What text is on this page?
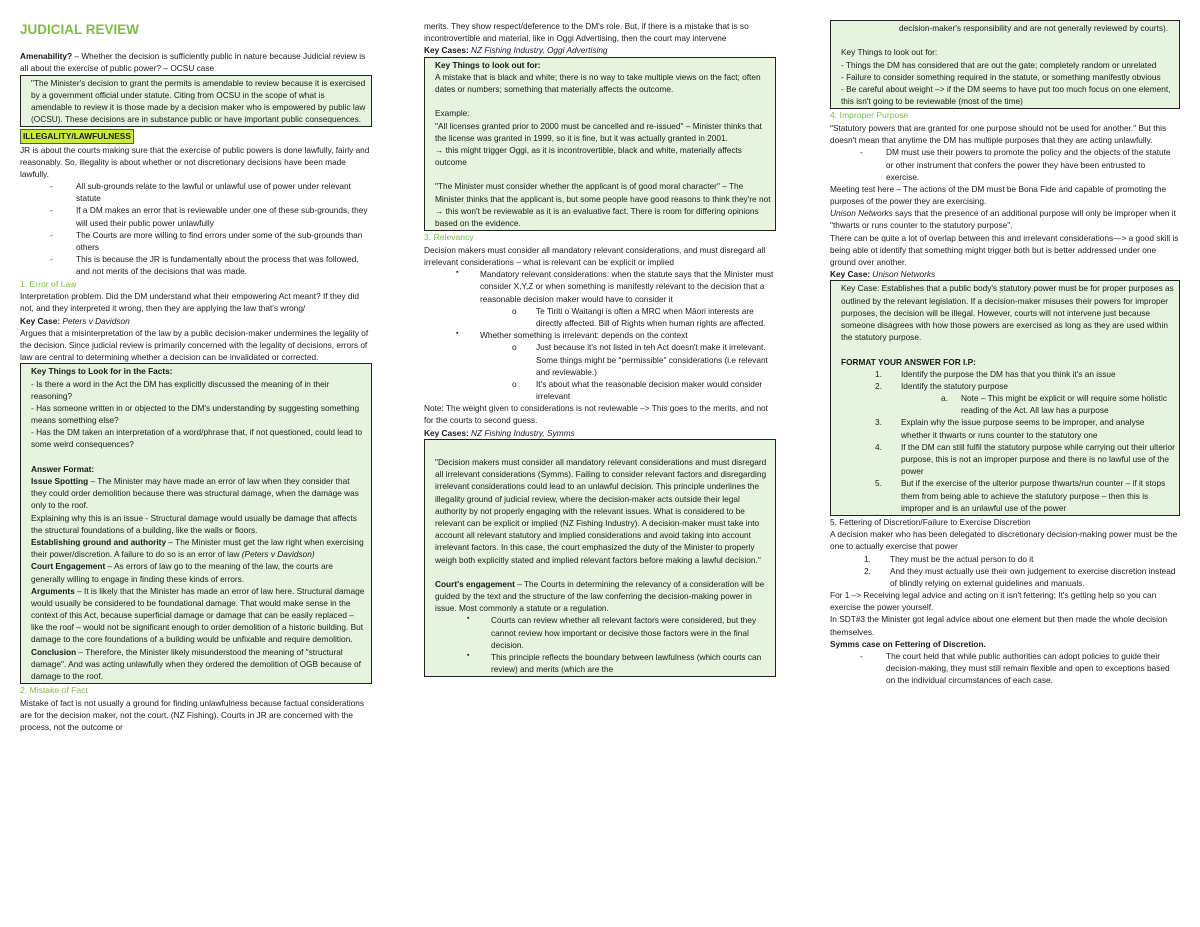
JUDICIAL REVIEW

Amenability? – Whether the decision is sufficiently public in nature because Judicial review is all about the exercise of public power? – OCSU case

"The Minister's decision to grant the permits is amendable to review because it is exercised by a government official under statute. Citing from OCSU in the scope of what is amendable to review it is those made by a decision maker who is empowered by public law (OCSU). These decisions are in substance public or have important public consequences.

ILLEGALITY/LAWFULNESS

JR is about the courts making sure that the exercise of public powers is done lawfully, fairly and reasonably. So, illegality is about whether or not discretionary decisions have been made lawfully.

- All sub-grounds relate to the lawful or unlawful use of power under relevant statute
- If a DM makes an error that is reviewable under one of these sub-grounds, they will used their public power unlawfully
- The Courts are more willing to find errors under some of the sub-grounds than others
- This is because the JR is fundamentally about the process that was followed, and not merits of the decisions that was made.

1. Error of Law

Interpretation problem. Did the DM understand what their empowering Act meant? If they did not, and they interpreted it wrong, then they are applying the law that's wrong/

Key Case: Peters v Davidson

Argues that a misinterpretation of the law by a public decision-maker undermines the legality of the decision. Since judicial review is primarily concerned with the legality of decisions, errors of law are central to determining whether a decision can be invalidated or corrected.

Key Things to Look for in the Facts:

- Is there a word in the Act the DM has explicitly discussed the meaning of in their reasoning?

- Has someone written in or objected to the DM's understanding by suggesting something means something else?

- Has the DM taken an interpretation of a word/phrase that, if not questioned, could lead to some weird consequences?

Answer Format:

Issue Spotting – The Minister may have made an error of law when they consider that they could order demolition because there was structural damage, when the damage was only to the roof.

Explaining why this is an issue - Structural damage would usually be damage that affects the structural foundations of a building, like the walls or floors.

Establishing ground and authority – The Minister must get the law right when exercising their power/discretion. A failure to do so is an error of law (Peters v Davidson)

Court Engagement – As errors of law go to the meaning of the law, the courts are generally willing to engage in finding these kinds of errors.

Arguments – It is likely that the Minister has made an error of law here. Structural damage would usually be considered to be foundational damage. That would make sense in the context of this Act, because superficial damage or damage that can be easily replaced – like the roof – would not be significant enough to order demolition of a historic building. But damage to the core foundations of a building would be unfixable and require demolition.

Conclusion – Therefore, the Minister likely misunderstood the meaning of "structural damage". And was acting unlawfully when they ordered the demolition of OGB because of damage to the roof.

2. Mistake of Fact

Mistake of fact is not usually a ground for finding unlawfulness because factual considerations are for the decision maker, not the court. (NZ Fishing). Courts in JR are concerned with the process, not the outcome or

merits. They show respect/deference to the DM's role. But, if there is a mistake that is so incontrovertible and material, like in Oggi Advertising, then the court may intervene

Key Cases: NZ Fishing Industry, Oggi Advertising

Key Things to look out for:

A mistake that is black and white; there is no way to take multiple views on the fact; often dates or numbers; something that materially affects the outcome.

Example:

"All licenses granted prior to 2000 must be cancelled and re-issued" – Minister thinks that the license was granted in 1999, so it is fine, but it was actually granted in 2001.

→ this might trigger Oggi, as it is incontrovertible, black and white, materially affects outcome

"The Minister must consider whether the applicant is of good moral character" – The Minister thinks that the applicant is, but some people have good reasons to think they're not

→ this won't be reviewable as it is an evaluative fact. There is room for differing opinions based on the evidence.

3. Relevancy

Decision makers must consider all mandatory relevant considerations, and must disregard all irrelevant considerations – what is relevant can be explicit or implied

▪ Mandatory relevant considerations: when the statute says that the Minister must consider X,Y,Z or when something is manifestly relevant to the decision that a reasonable decision maker would have to consider it
o Te Tiriti o Waitangi is often a MRC when Māori interests are directly affected. Bill of Rights when human rights are affected.
▪ Whether something is irrelevant: depends on the context
o Just because it's not listed in teh Act doesn't make it irrelevant. Some things might be "permissible" considerations (i.e relevant and reviewable.)
o It's about what the reasonable decision maker would consider irrelevant

Note: The weight given to considerations is not reviewable –> This goes to the merits, and not for the courts to second guess.

Key Cases: NZ Fishing Industry, Symms

"Decision makers must consider all mandatory relevant considerations and must disregard all irrelevant considerations (Symms). Failing to consider relevant factors and disregarding irrelevant considerations could lead to an unlawful decision. This principle underlines the illegality ground of judicial review, where the decision-maker acts outside their legal authority by not properly engaging with the relevant issues. What is considered to be relevant can be explicit or implied (NZ Fishing Industry). A decision-maker must take into account all relevant statutory and implied considerations and avoid taking into account irrelevant factors. In this case, the court emphasized the duty of the Minister to properly weigh both explicitly stated and implied relevant factors before making a lawful decision."

Court's engagement – The Courts in determining the relevancy of a consideration will be guided by the text and the structure of the law conferring the decision-making power in issue. Most commonly a statute or a regulation.

▪ Courts can review whether all relevant factors were considered, but they cannot review how important or decisive those factors were in the final decision.
▪ This principle reflects the boundary between lawfulness (which courts can review) and merits (which are the

decision-maker's responsibility and are not generally reviewed by courts).

Key Things to look out for:

- Things the DM has considered that are out the gate; completely random or unrelated

- Failure to consider something required in the statute, or something manifestly obvious

- Be careful about weight –> if the DM seems to have put too much focus on one element, this isn't going to be reviewable (most of the time)

4. Improper Purpose

"Statutory powers that are granted for one purpose should not be used for another." But this doesn't mean that anytime the DM has multiple purposes that they are acting unlawfully.

- DM must use their powers to promote the policy and the objects of the statute or other instrument that confers the power they have been entrusted to exercise.

Meeting test here – The actions of the DM must be Bona Fide and capable of promoting the purposes of the power they are exercising.

Unison Networks says that the presence of an additional purpose will only be improper when it "thwarts or runs counter to the statutory purpose".

There can be quite a lot of overlap between this and irrelevant considerations—> a good skill is being able ot identify that something might trigger both but is better addressed under one ground over another.

Key Case: Unison Networks

Key Case: Establishes that a public body's statutory power must be for proper purposes as outlined by the relevant legislation. If a decision-maker misuses their powers for improper purposes, the decision will be illegal. However, courts will not intervene just because someone disagrees with how those powers are exercised as long as they are used within the statutory purpose.

FORMAT YOUR ANSWER FOR I.P:

1. Identify the purpose the DM has that you think it's an issue
2. Identify the statutory purpose
a. Note – This might be explicit or will require some holistic reading of the Act. All law has a purpose
3. Explain why the issue purpose seems to be improper, and analyse whether it thwarts or runs counter to the statutory one
4. If the DM can still fulfil the statutory purpose while carrying out their ulterior purpose, this is not an improper purpose and there is no lawful use of the power
5. But if the exercise of the ulterior purpose thwarts/run counter – if it stops them from being able to achieve the statutory purpose – then this is improper and is an unlawful use of the power

5. Fettering of Discretion/Failure to Exercise Discretion

A decision maker who has been delegated to discretionary decision-making power must be the one to actually exercise that power

1. They must be the actual person to do it
2. And they must actually use their own judgement to exercise discretion instead of blindly relying on external guidelines and manuals.

For 1 –> Receiving legal advice and acting on it isn't fettering; It's getting help so you can exercise the power yourself.

In SDT#3 the Minister got legal advice about one element but then made the whole decision themselves.

Symms case on Fettering of Discretion.

- The court held that while public authorities can adopt policies to guide their decision-making, they must still remain flexible and open to exceptions based on the individual circumstances of each case.
